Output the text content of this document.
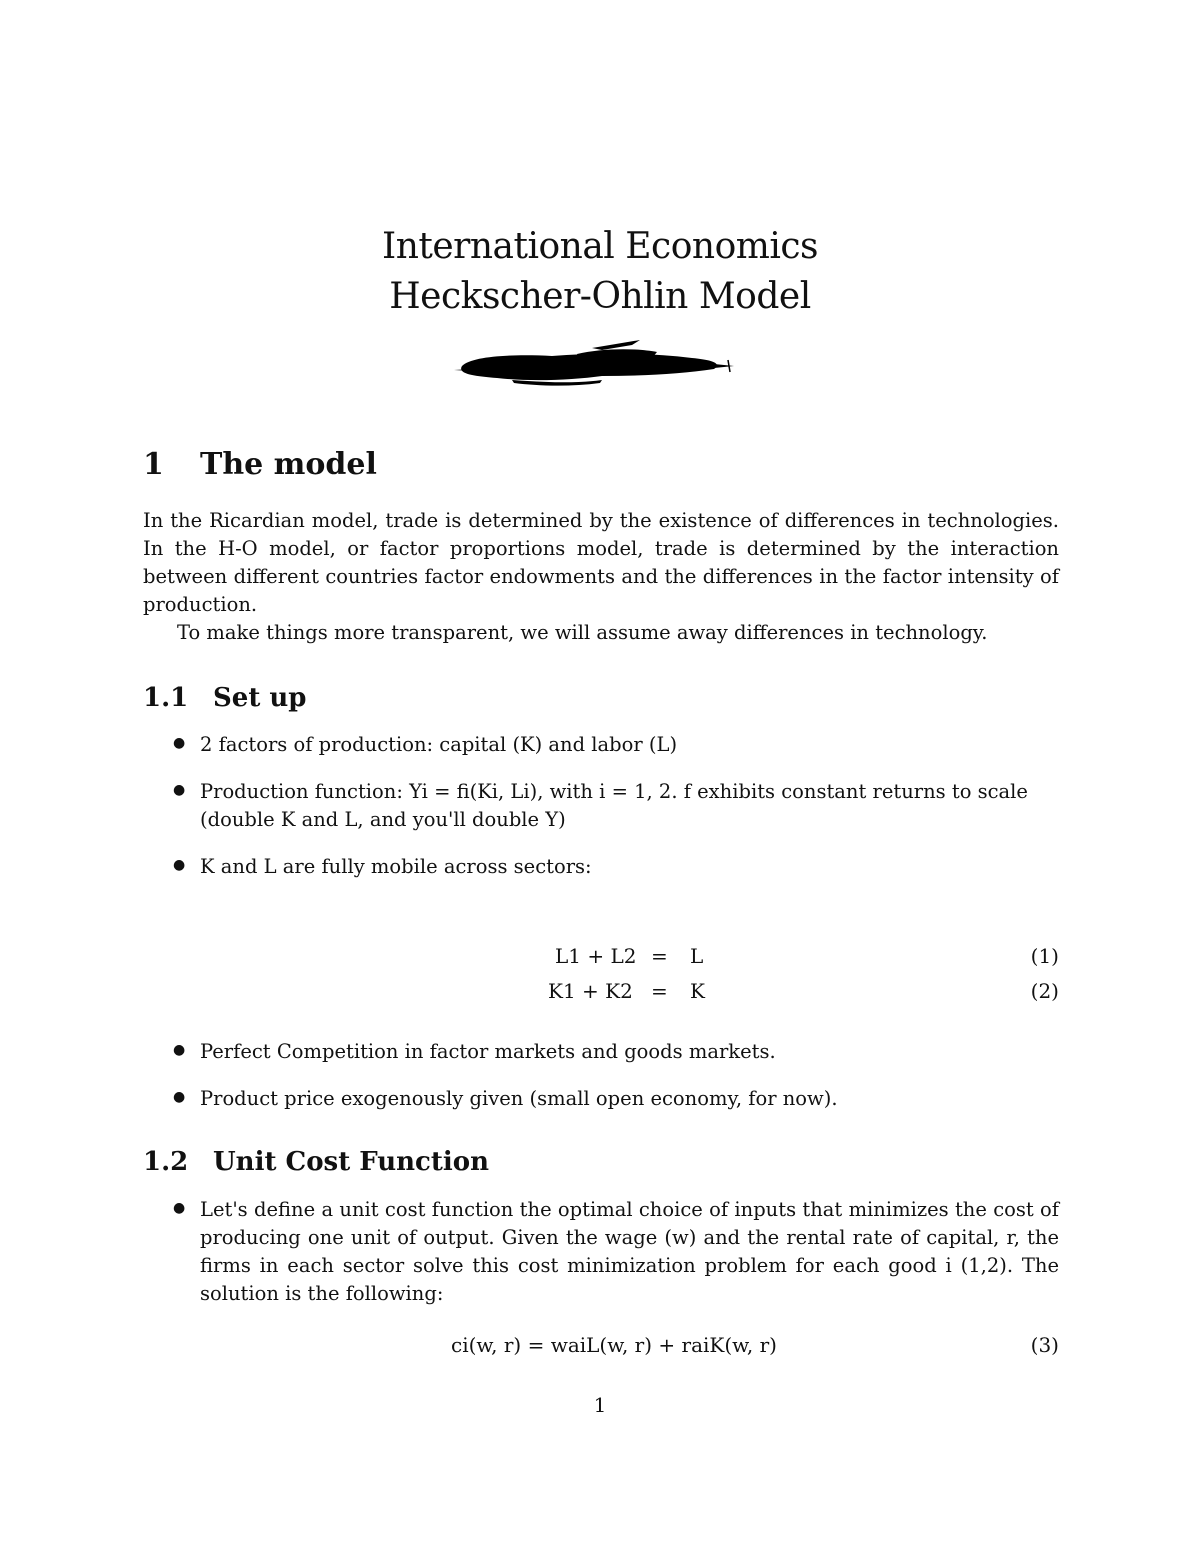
International Economics
Heckscher-Ohlin Model
1 The model
In the Ricardian model, trade is determined by the existence of differences in technologies. In the H-O model, or factor proportions model, trade is determined by the interaction between different countries factor endowments and the differences in the factor intensity of production.
To make things more transparent, we will assume away differences in technology.
1.1 Set up
● 2 factors of production: capital (K) and labor (L)
● Production function: Yi = fi(Ki, Li), with i = 1, 2. f exhibits constant returns to scale (double K and L, and you'll double Y)
● K and L are fully mobile across sectors:
L1 + L2 = L	(1)
K1 + K2 = K	(2)
● Perfect Competition in factor markets and goods markets.
● Product price exogenously given (small open economy, for now).
1.2 Unit Cost Function
● Let's define a unit cost function the optimal choice of inputs that minimizes the cost of producing one unit of output. Given the wage (w) and the rental rate of capital, r, the firms in each sector solve this cost minimization problem for each good i (1,2). The solution is the following:
ci(w, r) = waiL(w, r) + raiK(w, r)	(3)
1
